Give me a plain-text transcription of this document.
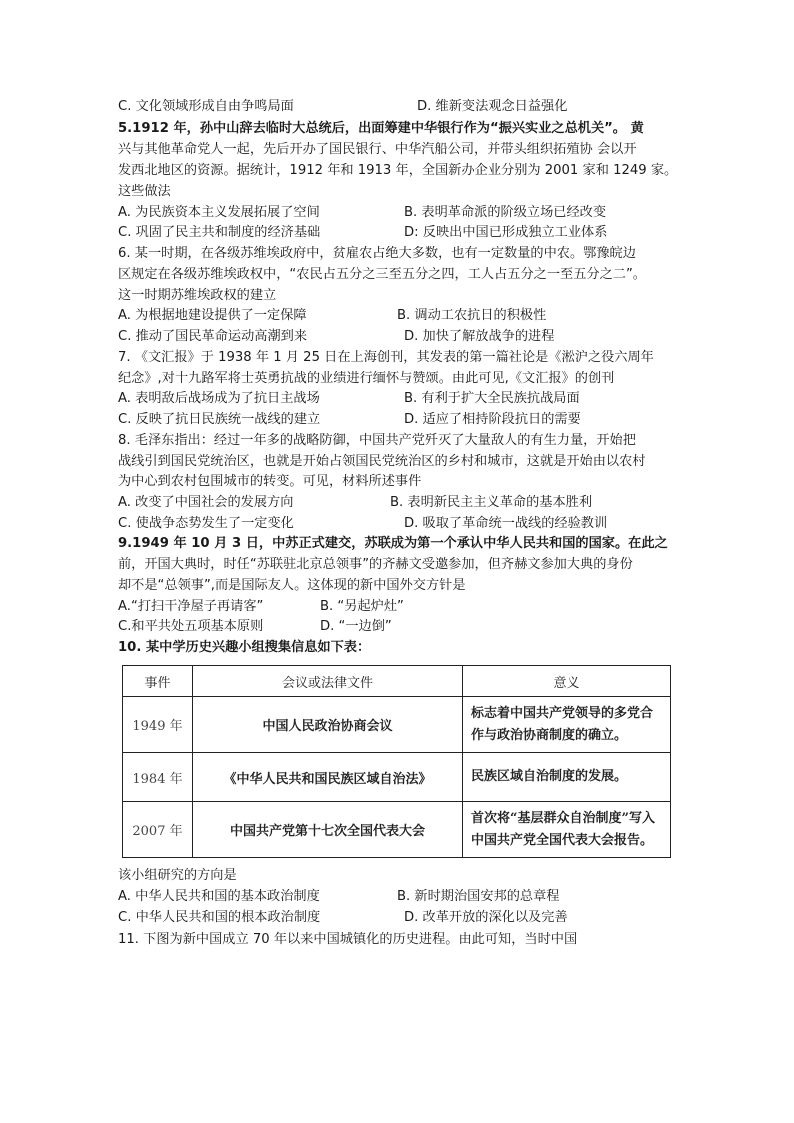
C. 文化领域形成自由争鸣局面	D. 维新变法观念日益强化
5.1912 年，孙中山辞去临时大总统后，出面筹建中华银行作为“振兴实业之总机关”。 黄
兴与其他革命党人一起，先后开办了国民银行、中华汽船公司，并带头组织拓殖协 会以开
发西北地区的资源。据统计，1912 年和 1913 年，全国新办企业分别为 2001 家和 1249 家。
这些做法
A. 为民族资本主义发展拓展了空间	B. 表明革命派的阶级立场已经改变
C. 巩固了民主共和制度的经济基础	D: 反映出中国已形成独立工业体系
6. 某一时期，在各级苏维埃政府中，贫雇农占绝大多数，也有一定数量的中农。鄂豫皖边
区规定在各级苏维埃政权中，“农民占五分之三至五分之四，工人占五分之一至五分之二”。
这一时期苏维埃政权的建立
A. 为根据地建设提供了一定保障	B. 调动工农抗日的积极性
C. 推动了国民革命运动高潮到来	D. 加快了解放战争的进程
7. 《文汇报》于 1938 年 1 月 25 日在上海创刊，其发表的第一篇社论是《淞沪之役六周年
纪念》,对十九路军将士英勇抗战的业绩进行缅怀与赞颂。由此可见,《文汇报》的创刊
A. 表明敌后战场成为了抗日主战场	B. 有利于扩大全民族抗战局面
C. 反映了抗日民族统一战线的建立	D. 适应了相持阶段抗日的需要
8. 毛泽东指出：经过一年多的战略防御，中国共产党歼灭了大量敌人的有生力量，开始把
战线引到国民党统治区，也就是开始占领国民党统治区的乡村和城市，这就是开始由以农村
为中心到农村包围城市的转变。可见，材料所述事件
A. 改变了中国社会的发展方向	B. 表明新民主主义革命的基本胜利
C. 使战争态势发生了一定变化	D. 吸取了革命统一战线的经验教训
9.1949 年 10 月 3 日，中苏正式建交，苏联成为第一个承认中华人民共和国的国家。在此之
前，开国大典时，时任“苏联驻北京总领事”的齐赫文受邀参加，但齐赫文参加大典的身份
却不是“总领事”,而是国际友人。这体现的新中国外交方针是
A.“打扫干净屋子再请客”	B. “另起炉灶”
C.和平共处五项基本原则	D. “一边倒”
10. 某中学历史兴趣小组搜集信息如下表：
事件	会议或法律文件	意义
1949 年	中国人民政治协商会议	标志着中国共产党领导的多党合作与政治协商制度的确立。
1984 年	《中华人民共和国民族区域自治法》	民族区域自治制度的发展。
2007 年	中国共产党第十七次全国代表大会	首次将“基层群众自治制度”写入中国共产党全国代表大会报告。
该小组研究的方向是
A. 中华人民共和国的基本政治制度	B. 新时期治国安邦的总章程
C. 中华人民共和国的根本政治制度	D. 改革开放的深化以及完善
11. 下图为新中国成立 70 年以来中国城镇化的历史进程。由此可知，当时中国
